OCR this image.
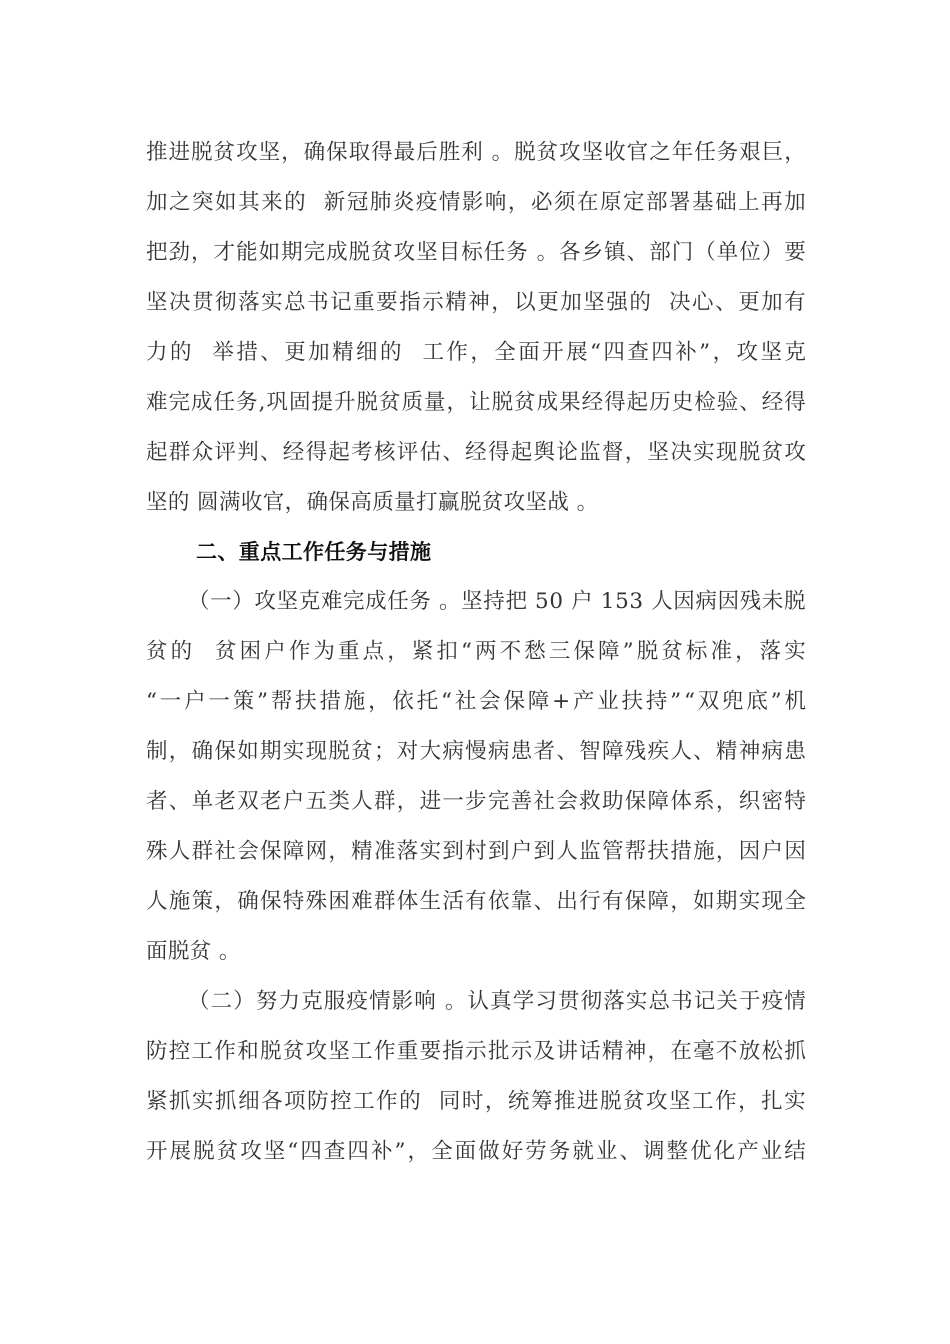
推 进 脱 贫 攻 坚 ， 确 保 取 得 最 后 胜 利
。 脱 贫 攻 坚 收 官 之 年 任 务 艰 巨 ，
加 之 突 如 其 来 的

新 冠 肺 炎 疫 情 影 响 ， 必 须 在 原 定 部 署 基 础 上 再 加
把 劲 ， 才 能 如 期 完 成 脱 贫 攻 坚 目 标 任 务
。 各 乡 镇 、 部 门 （ 单 位 ） 要
坚 决 贯 彻 落 实 总 书 记 重 要 指 示 精 神 ， 以 更 加 坚 强 的

决 心 、 更 加 有
力 的

举 措 、 更 加 精 细 的

工 作 ， 全 面 开 展 “ 四 查 四 补 ” ， 攻 坚 克
难 完 成 任 务 , 巩 固 提 升 脱 贫 质 量 ， 让 脱 贫 成 果 经 得 起 历 史 检 验 、 经 得
起 群 众 评 判 、 经 得 起 考 核 评 估 、 经 得 起 舆 论 监 督 ， 坚 决 实 现 脱 贫 攻
坚的 圆满收官，确保高质量打赢脱贫攻坚战 。
二、重点工作任务与措施
（ 一 ） 攻 坚 克 难 完 成 任 务
。 坚 持 把
5 0
户
1 5 3
人 因 病 因 残 未 脱
贫 的

贫 困 户 作 为 重 点 ， 紧 扣 “ 两 不 愁 三 保 障 ” 脱 贫 标 准 ， 落 实
“ 一 户 一 策 ” 帮 扶 措 施 ， 依 托 “ 社 会 保 障 + 产 业 扶 持 ” “ 双 兜 底 ” 机
制 ， 确 保 如 期 实 现 脱 贫 ； 对 大 病 慢 病 患 者 、 智 障 残 疾 人 、 精 神 病 患
者 、 单 老 双 老 户 五 类 人 群 ， 进 一 步 完 善 社 会 救 助 保 障 体 系 ， 织 密 特
殊 人 群 社 会 保 障 网 ， 精 准 落 实 到 村 到 户 到 人 监 管 帮 扶 措 施 ， 因 户 因
人 施 策 ， 确 保 特 殊 困 难 群 体 生 活 有 依 靠 、 出 行 有 保 障 ， 如 期 实 现 全
面脱贫 。
（ 二 ） 努 力 克 服 疫 情 影 响
。 认 真 学 习 贯 彻 落 实 总 书 记 关 于 疫 情
防 控 工 作 和 脱 贫 攻 坚 工 作 重 要 指 示 批 示 及 讲 话 精 神 ， 在 毫 不 放 松 抓
紧 抓 实 抓 细 各 项 防 控 工 作 的

同 时 ， 统 筹 推 进 脱 贫 攻 坚 工 作 ， 扎 实
开 展 脱 贫 攻 坚 “ 四 查 四 补 ” ， 全 面 做 好 劳 务 就 业 、 调 整 优 化 产 业 结
